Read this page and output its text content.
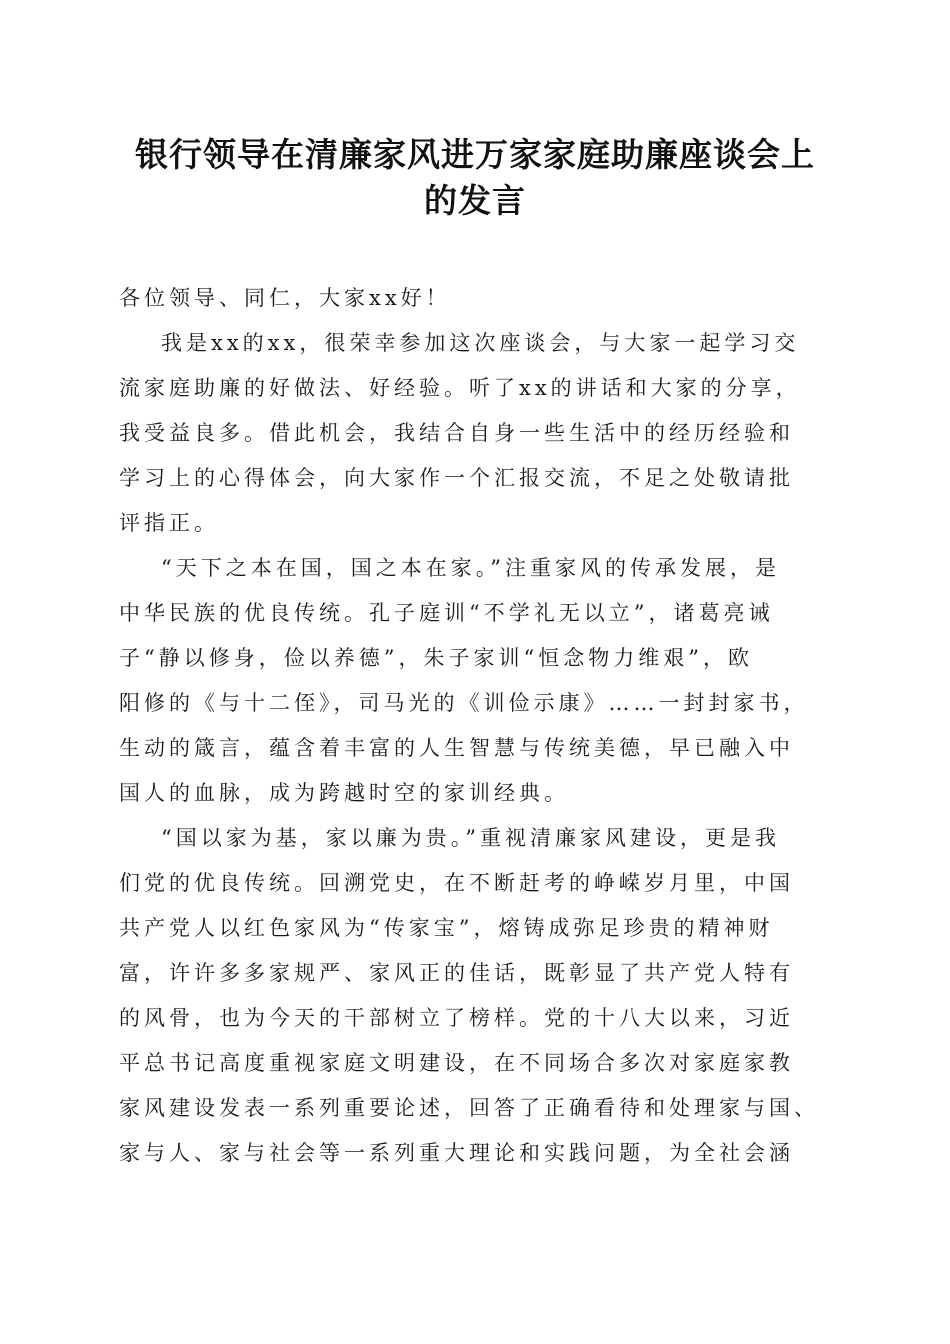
银行领导在清廉家风进万家家庭助廉座谈会上
的发言
各位领导、同仁，大家xx好！
我是xx的xx，很荣幸参加这次座谈会，与大家一起学习交
流家庭助廉的好做法、好经验。听了xx的讲话和大家的分享，
我受益良多。借此机会，我结合自身一些生活中的经历经验和
学习上的心得体会，向大家作一个汇报交流，不足之处敬请批
评指正。
“天下之本在国，国之本在家。”注重家风的传承发展，是
中华民族的优良传统。孔子庭训“不学礼无以立”，诸葛亮诫
子“静以修身，俭以养德”，朱子家训“恒念物力维艰”，欧
阳修的《与十二侄》，司马光的《训俭示康》……一封封家书，
生动的箴言，蕴含着丰富的人生智慧与传统美德，早已融入中
国人的血脉，成为跨越时空的家训经典。
“国以家为基，家以廉为贵。”重视清廉家风建设，更是我
们党的优良传统。回溯党史，在不断赶考的峥嵘岁月里，中国
共产党人以红色家风为“传家宝”，熔铸成弥足珍贵的精神财
富，许许多多家规严、家风正的佳话，既彰显了共产党人特有
的风骨，也为今天的干部树立了榜样。党的十八大以来，习近
平总书记高度重视家庭文明建设，在不同场合多次对家庭家教
家风建设发表一系列重要论述，回答了正确看待和处理家与国、
家与人、家与社会等一系列重大理论和实践问题，为全社会涵
